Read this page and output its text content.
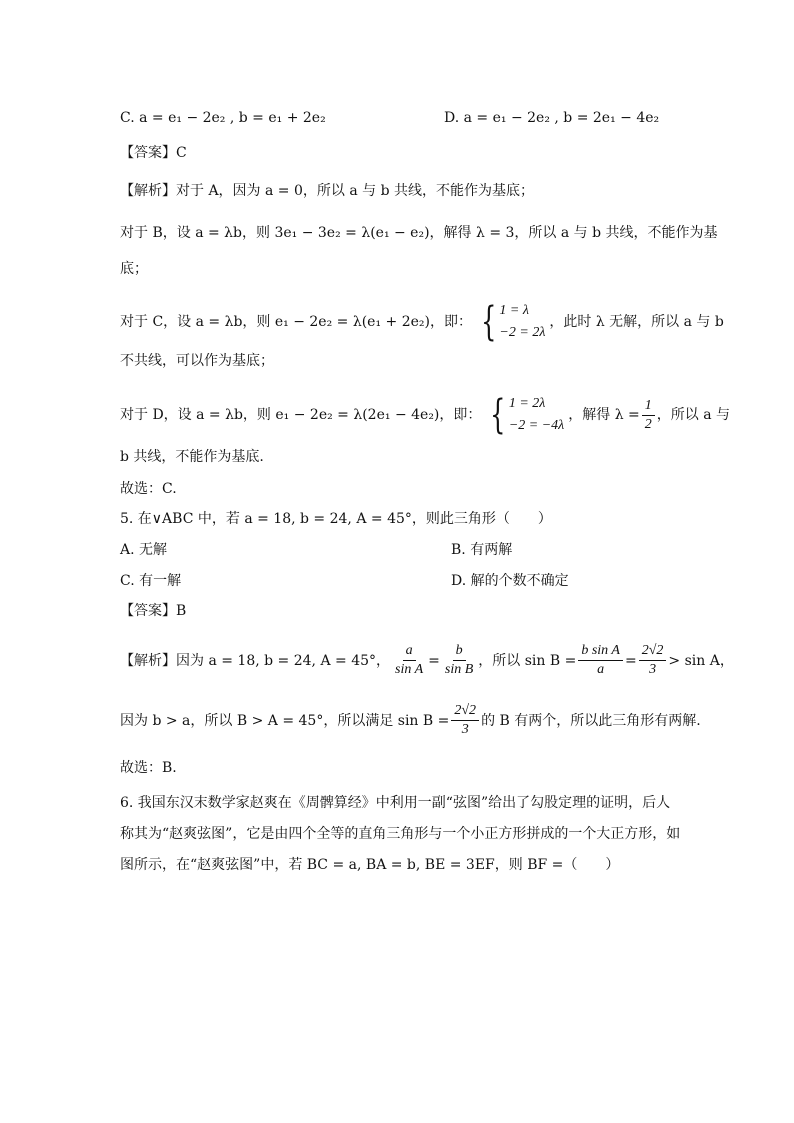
C. a = e₁ − 2e₂ , b = e₁ + 2e₂	D. a = e₁ − 2e₂ , b = 2e₁ − 4e₂
【答案】C
【解析】对于 A，因为 a = 0，所以 a 与 b 共线，不能作为基底；
对于 B，设 a = λb，则 3e₁ − 3e₂ = λ(e₁ − e₂)，解得 λ = 3，所以 a 与 b 共线，不能作为基
底；
对于 C，设 a = λb，则 e₁ − 2e₂ = λ(e₁ + 2e₂)，即： { 1 = λ
−2 = 2λ
，此时 λ 无解，所以 a 与 b
不共线，可以作为基底；
对于 D，设 a = λb，则 e₁ − 2e₂ = λ(2e₁ − 4e₂)，即： { 1 = 2λ
−2 = −4λ
，解得 $\lambda = \frac{1}{2}$ ，所以 a 与
b 共线，不能作为基底.
故选：C.
5. 在∨ABC 中，若 a = 18, b = 24, A = 45°，则此三角形（　　）
A. 无解	B. 有两解
C. 有一解	D. 解的个数不确定
【答案】B
【解析】因为 a = 18, b = 24, A = 45°， $\frac{a}{\text{sin A}} = \frac{b}{\text{sin B}}$ ，所以 $\sin B = \frac{\text{b sin A}}{a} = \frac{2√2}{3} > \sin A$，
因为 b > a，所以 B > A = 45°，所以满足 $\sin B = \frac{2√2}{3}$ 的 B 有两个，所以此三角形有两解.
故选：B.
6. 我国东汉末数学家赵爽在《周髀算经》中利用一副“弦图”给出了勾股定理的证明，后人
称其为“赵爽弦图”，它是由四个全等的直角三角形与一个小正方形拼成的一个大正方形，如
图所示，在“赵爽弦图”中，若 BC = a, BA = b, BE = 3EF，则 BF =（　　）
